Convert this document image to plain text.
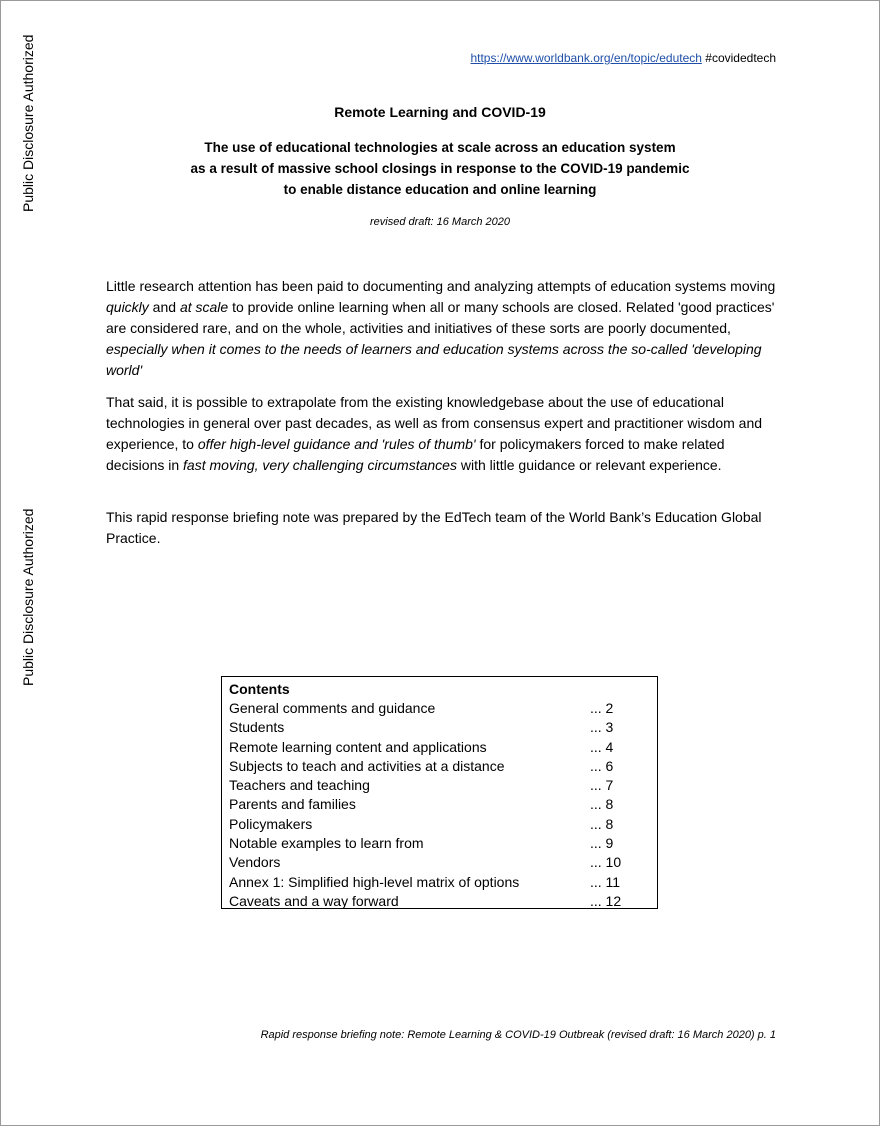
Public Disclosure Authorized
Public Disclosure Authorized
https://www.worldbank.org/en/topic/edutech #covidedtech
Remote Learning and COVID-19
The use of educational technologies at scale across an education system
as a result of massive school closings in response to the COVID-19 pandemic
to enable distance education and online learning
revised draft: 16 March 2020

Little research attention has been paid to documenting and analyzing attempts of education systems moving quickly and at scale to provide online learning when all or many schools are closed. Related 'good practices' are considered rare, and on the whole, activities and initiatives of these sorts are poorly documented, especially when it comes to the needs of learners and education systems across the so-called 'developing world'

That said, it is possible to extrapolate from the existing knowledgebase about the use of educational technologies in general over past decades, as well as from consensus expert and practitioner wisdom and experience, to offer high-level guidance and 'rules of thumb' for policymakers forced to make related decisions in fast moving, very challenging circumstances with little guidance or relevant experience.

This rapid response briefing note was prepared by the EdTech team of the World Bank’s Education Global Practice.

Contents
General comments and guidance	... 2
Students	... 3
Remote learning content and applications	... 4
Subjects to teach and activities at a distance	... 6
Teachers and teaching	... 7
Parents and families	... 8
Policymakers	... 8
Notable examples to learn from	... 9
Vendors	... 10
Annex 1: Simplified high-level matrix of options	... 11
Caveats and a way forward	... 12
Rapid response briefing note: Remote Learning & COVID-19 Outbreak (revised draft: 16 March 2020) p. 1
